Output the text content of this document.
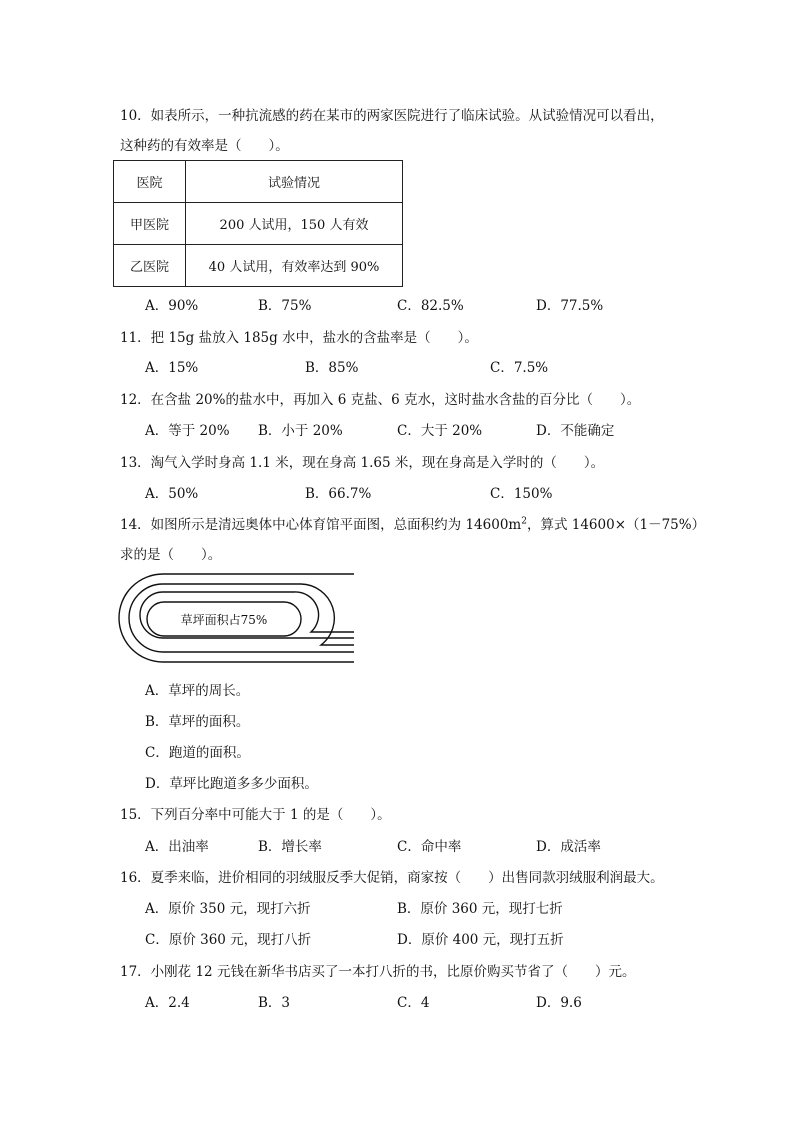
10．如表所示，一种抗流感的药在某市的两家医院进行了临床试验。从试验情况可以看出，
这种药的有效率是（　　）。
医院	试验情况
甲医院	200 人试用，150 人有效
乙医院	40 人试用，有效率达到 90%
A．90%	B．75%	C．82.5%	D．77.5%
11．把 15g 盐放入 185g 水中，盐水的含盐率是（　　）。
A．15%	B．85%	C．7.5%
12．在含盐 20%的盐水中，再加入 6 克盐、6 克水，这时盐水含盐的百分比（　　）。
A．等于 20% B．小于 20%	C．大于 20%	D．不能确定
13．淘气入学时身高 1.1 米，现在身高 1.65 米，现在身高是入学时的（　　）。
A．50%	B．66.7%	C．150%
14．如图所示是清远奥体中心体育馆平面图，总面积约为 $14600m^2$，算式 14600×（1－75%）
求的是（　　）。
草坪面积占75%
A．草坪的周长。
B．草坪的面积。
C．跑道的面积。
D．草坪比跑道多多少面积。
15．下列百分率中可能大于 1 的是（　　）。
A．出油率	B．增长率	C．命中率	D．成活率
16．夏季来临，进价相同的羽绒服反季大促销，商家按（　　）出售同款羽绒服利润最大。
A．原价 350 元，现打六折	B．原价 360 元，现打七折
C．原价 360 元，现打八折	D．原价 400 元，现打五折
17．小刚花 12 元钱在新华书店买了一本打八折的书，比原价购买节省了（　　）元。
A．2.4	B．3	C．4	D．9.6
